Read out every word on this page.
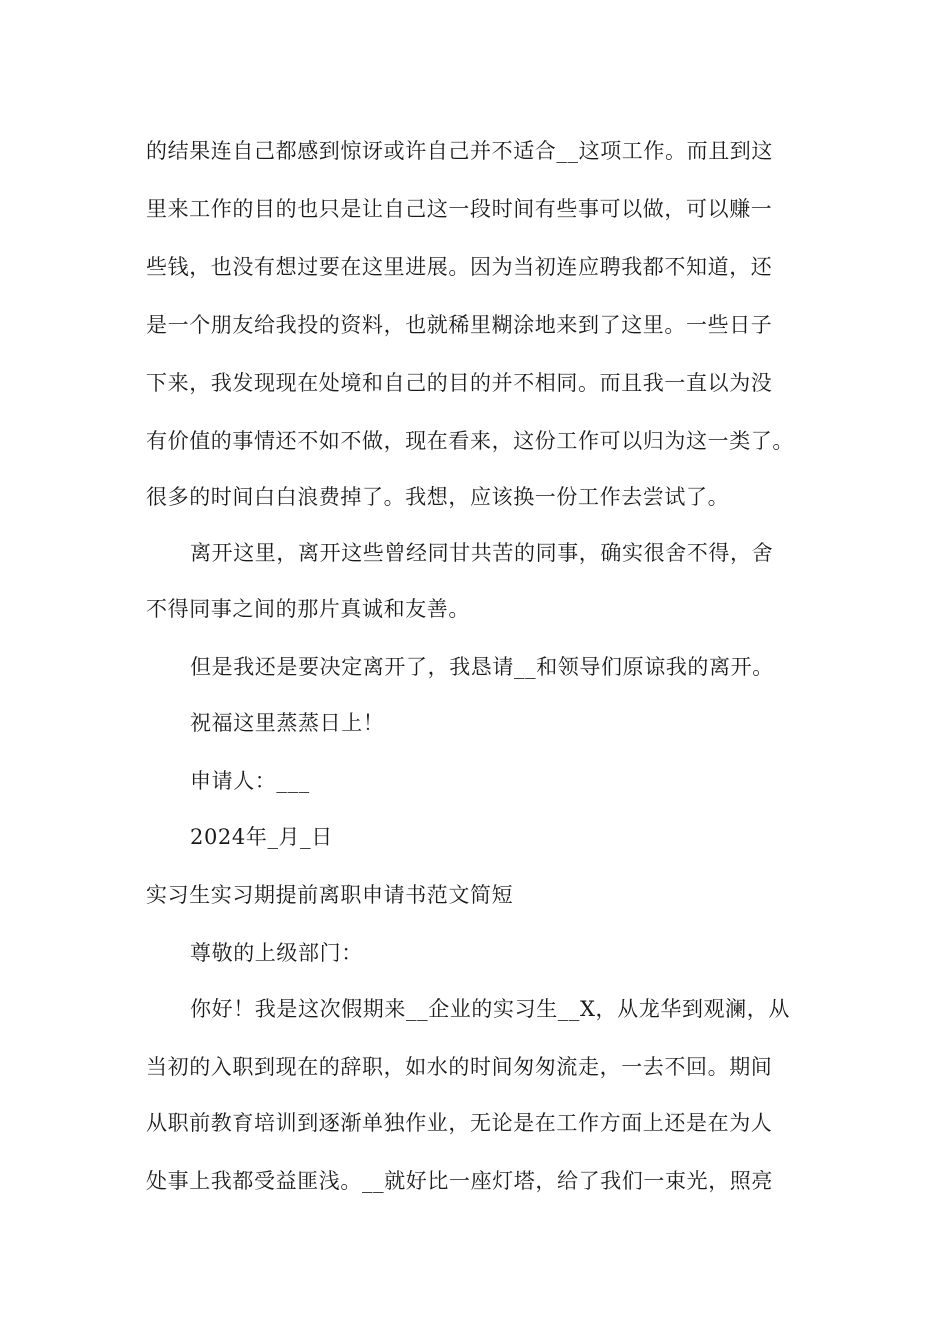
的结果连自己都感到惊讶或许自己并不适合__这项工作。而且到这
里来工作的目的也只是让自己这一段时间有些事可以做，可以赚一
些钱，也没有想过要在这里进展。因为当初连应聘我都不知道，还
是一个朋友给我投的资料，也就稀里糊涂地来到了这里。一些日子
下来，我发现现在处境和自己的目的并不相同。而且我一直以为没
有价值的事情还不如不做，现在看来，这份工作可以归为这一类了。
很多的时间白白浪费掉了。我想，应该换一份工作去尝试了。
离开这里，离开这些曾经同甘共苦的同事，确实很舍不得，舍
不得同事之间的那片真诚和友善。
但是我还是要决定离开了，我恳请__和领导们原谅我的离开。
祝福这里蒸蒸日上！
申请人：___
2024年_月_日
实习生实习期提前离职申请书范文简短
尊敬的上级部门：
你好！我是这次假期来__企业的实习生__X，从龙华到观澜，从
当初的入职到现在的辞职，如水的时间匆匆流走，一去不回。期间
从职前教育培训到逐渐单独作业，无论是在工作方面上还是在为人
处事上我都受益匪浅。__就好比一座灯塔，给了我们一束光，照亮
